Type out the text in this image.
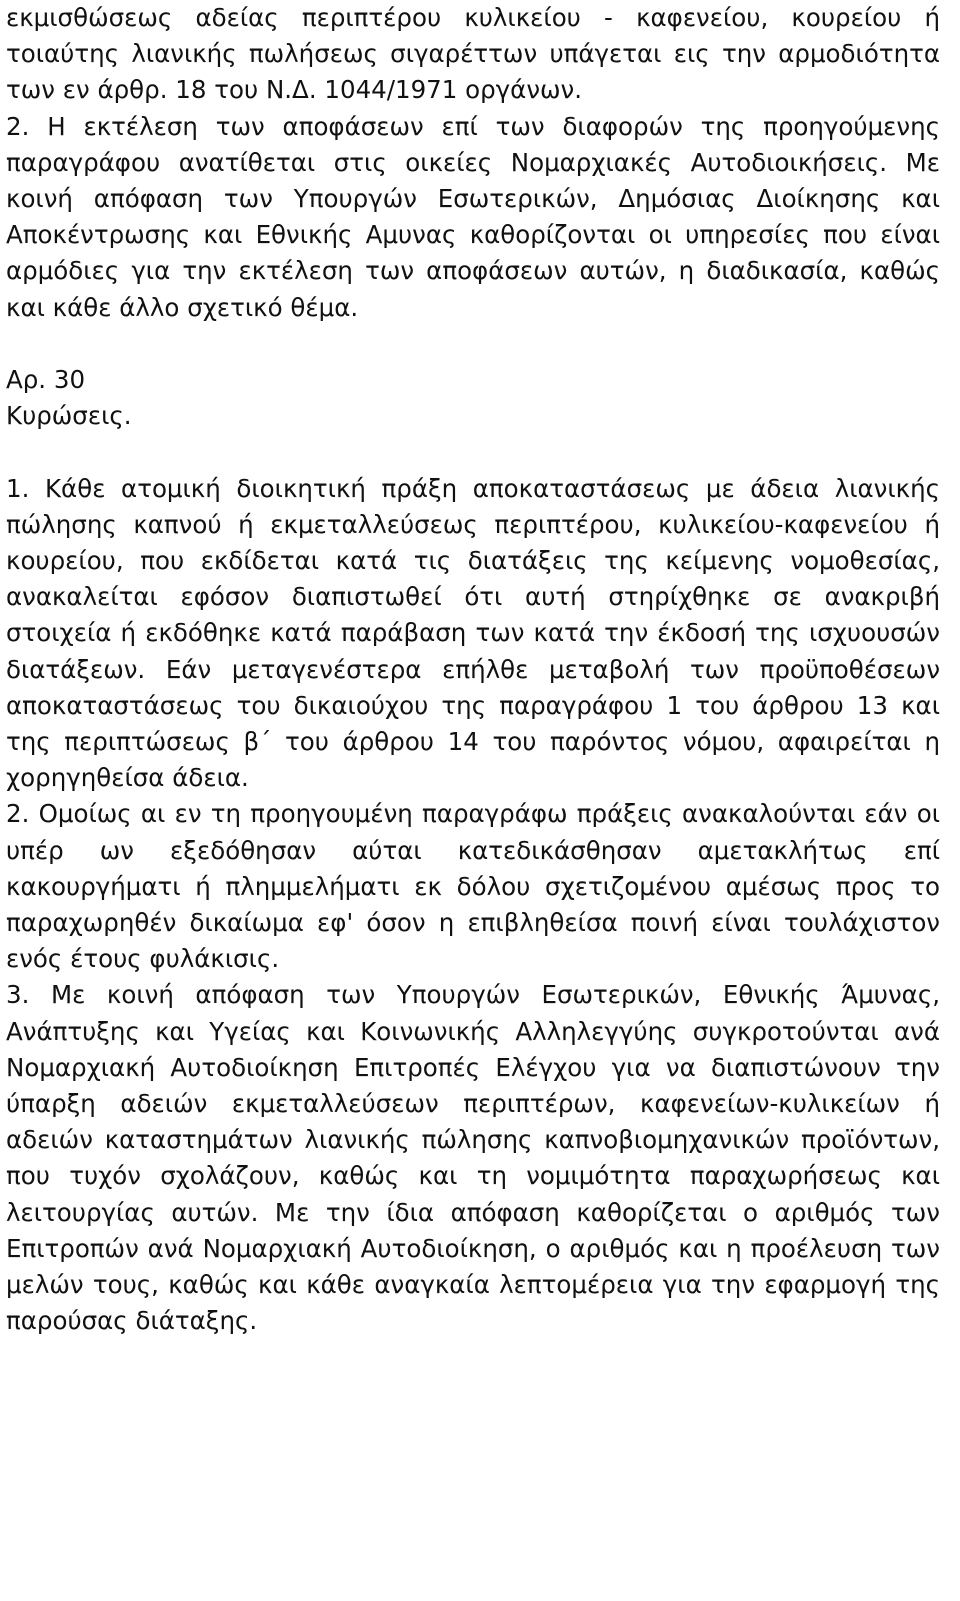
εκμισθώσεως αδείας περιπτέρου κυλικείου - καφενείου, κουρείου ή τοιαύτης λιανικής πωλήσεως σιγαρέττων υπάγεται εις την αρμοδιότητα των εν άρθρ. 18 του Ν.Δ. 1044/1971 οργάνων.

2. Η εκτέλεση των αποφάσεων επί των διαφορών της προηγούμενης παραγράφου ανατίθεται στις οικείες Νομαρχιακές Αυτοδιοικήσεις. Με κοινή απόφαση των Υπουργών Εσωτερικών, Δημόσιας Διοίκησης και Αποκέντρωσης και Εθνικής Αμυνας καθορίζονται οι υπηρεσίες που είναι αρμόδιες για την εκτέλεση των αποφάσεων αυτών, η διαδικασία, καθώς και κάθε άλλο σχετικό θέμα.

Αρ. 30
Κυρώσεις.

1. Κάθε ατομική διοικητική πράξη αποκαταστάσεως με άδεια λιανικής πώλησης καπνού ή εκμεταλλεύσεως περιπτέρου, κυλικείου-καφενείου ή κουρείου, που εκδίδεται κατά τις διατάξεις της κείμενης νομοθεσίας, ανακαλείται εφόσον διαπιστωθεί ότι αυτή στηρίχθηκε σε ανακριβή στοιχεία ή εκδόθηκε κατά παράβαση των κατά την έκδοσή της ισχυουσών διατάξεων. Εάν μεταγενέστερα επήλθε μεταβολή των προϋποθέσεων αποκαταστάσεως του δικαιούχου της παραγράφου 1 του άρθρου 13 και της περιπτώσεως β΄ του άρθρου 14 του παρόντος νόμου, αφαιρείται η χορηγηθείσα άδεια.

2. Ομοίως αι εν τη προηγουμένη παραγράφω πράξεις ανακαλούνται εάν οι υπέρ ων εξεδόθησαν αύται κατεδικάσθησαν αμετακλήτως επί κακουργήματι ή πλημμελήματι εκ δόλου σχετιζομένου αμέσως προς το παραχωρηθέν δικαίωμα εφ' όσον η επιβληθείσα ποινή είναι τουλάχιστον ενός έτους φυλάκισις.

3. Με κοινή απόφαση των Υπουργών Εσωτερικών, Εθνικής Άμυνας, Ανάπτυξης και Υγείας και Κοινωνικής Αλληλεγγύης συγκροτούνται ανά Νομαρχιακή Αυτοδιοίκηση Επιτροπές Ελέγχου για να διαπιστώνουν την ύπαρξη αδειών εκμεταλλεύσεων περιπτέρων, καφενείων-κυλικείων ή αδειών καταστημάτων λιανικής πώλησης καπνοβιομηχανικών προϊόντων, που τυχόν σχολάζουν, καθώς και τη νομιμότητα παραχωρήσεως και λειτουργίας αυτών. Με την ίδια απόφαση καθορίζεται ο αριθμός των Επιτροπών ανά Νομαρχιακή Αυτοδιοίκηση, ο αριθμός και η προέλευση των μελών τους, καθώς και κάθε αναγκαία λεπτομέρεια για την εφαρμογή της παρούσας διάταξης.
